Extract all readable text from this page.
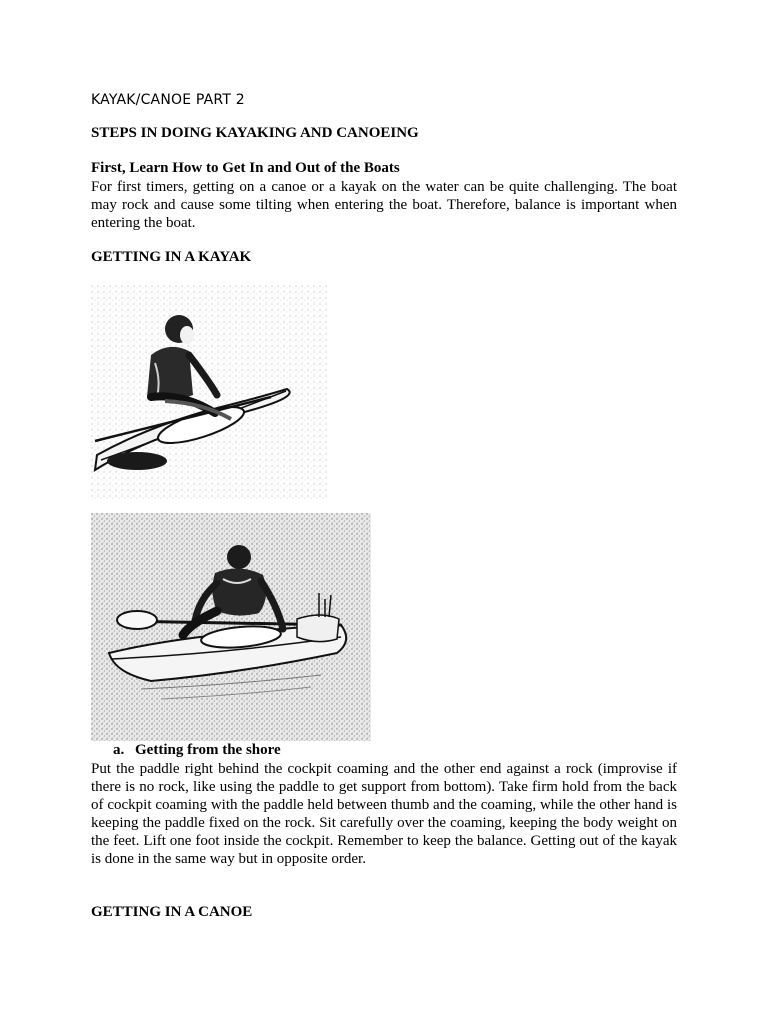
KAYAK/CANOE PART 2
STEPS IN DOING KAYAKING AND CANOEING
First, Learn How to Get In and Out of the Boats
For first timers, getting on a canoe or a kayak on the water can be quite challenging. The boat may rock and cause some tilting when entering the boat. Therefore, balance is important when entering the boat.
GETTING IN A KAYAK
a. Getting from the shore
Put the paddle right behind the cockpit coaming and the other end against a rock (improvise if there is no rock, like using the paddle to get support from bottom). Take firm hold from the back of cockpit coaming with the paddle held between thumb and the coaming, while the other hand is keeping the paddle fixed on the rock. Sit carefully over the coaming, keeping the body weight on the feet. Lift one foot inside the cockpit. Remember to keep the balance. Getting out of the kayak is done in the same way but in opposite order.
GETTING IN A CANOE
